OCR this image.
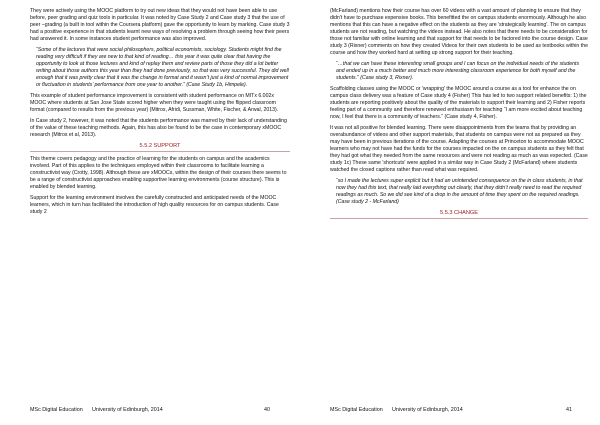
They were actively using the MOOC platform to try out new ideas that they would not have been able to use before, peer grading and quiz tools in particular. It was noted by Case Study 2 and Case study 3 that the use of peer –grading (a built in tool within the Coursera platform) gave the opportunity to learn by marking. Case study 3 had a positive experience in that students learnt new ways of resolving a problem through seeing how their peers had answered it. In some instances student performance was also improved.

“Some of the lectures that were social philosophers, political economists, sociology. Students might find the reading very difficult if they are new to that kind of reading… this year it was quite clear that having the opportunity to look at those lectures and kind of replay them and review parts of those they did a lot better writing about those authors this year than they had done previously, so that was very successful. They did well enough that it was pretty clear that it was the change in format and it wasn’t just a kind of normal improvement or fluctuation in students’ performance from one year to another.” (Case Study 1b, Himpele).

This example of student performance improvement is consistent with student performance on MITx 6.002x MOOC where students at San Jose State scored higher when they were taught using the flipped classroom format (compared to results from the previous year) (Mitros, Afridi, Sussman, White, Fischer, & Arwal, 2013).

In Case study 2, however, it was noted that the students performance was marred by their lack of understanding of the value of these teaching methods. Again, this has also be found to be the case in contemporary xMOOC research (Mitros et al, 2013).

5.5.2 SUPPORT

This theme covers pedagogy and the practice of learning for the students on campus and the academics involved. Part of this applies to the techniques employed within their classrooms to facilitate learning a constructivist way (Crotty, 1998). Although these are xMOOCs, within the design of their courses there seems to be a range of constructivist approaches enabling supportive learning environments (course structure). This is enabled by blended learning.

Support for the learning environment involves the carefully constructed and anticipated needs of the MOOC learners, which in turn has facilitated the introduction of high quality resources for on campus students. Case study 2

MSc Digital Education University of Edinburgh, 2014	40

(McFarland) mentions how their course has over 60 videos with a vast amount of planning to ensure that they didn't have to purchase expensive books. This benefitted the on campus students enormously. Although he also mentions that this can have a negative effect on the students as they are 'strategically learning'. The on campus students are not reading, but watching the videos instead. He also notes that there needs to be consideration for those not familiar with online learning and that support for that needs to be factored into the course design. Case study 3 (Rixner) comments on how they created Videos for their own students to be used as textbooks within the course and how they worked hard at setting up strong support for their teaching.

“…that we can have these interesting small groups and I can focus on the individual needs of the students and ended up in a much better and much more interesting classroom experience for both myself and the students.” (Case study 3, Rixner).

Scaffolding classes using the MOOC or 'wrapping' the MOOC around a course as a tool for enhance the on campus class delivery was a feature of Case study 4 (Fisher) This has led to two support related benefits: 1) the students are reporting positively about the quality of the materials to support their learning and 2) Fisher reports feeling part of a community and therefore renewed enthusiasm for teaching “I am more excited about teaching now, I feel that there is a community of teachers.” (Case study 4, Fisher).

It was not all positive for blended learning. There were disappointments from the teams that by providing an overabundance of videos and other support materials, that students on campus were not as prepared as they may have been in previous iterations of the course. Adapting the courses at Princeton to accommodate MOOC learners who may not have had the funds for the courses impacted on the on campus students as they felt that they had got what they needed from the same resources and were not reading as much as was expected. (Case study 1c) These same 'shortcuts' were applied in a similar way in Case Study 2 (McFarland) where students watched the closed captions rather than read what was required.

“so I made the lectures super explicit but it had an unintended consequence on the in class students, in that now they had this text, that really laid everything out clearly, that they didn’t really need to read the required readings as much. So we did see kind of a drop in the amount of time they spent on the required readings. (Case study 2 - McFarland)

5.5.3 CHANGE
MSc Digital Education University of Edinburgh, 2014	41
